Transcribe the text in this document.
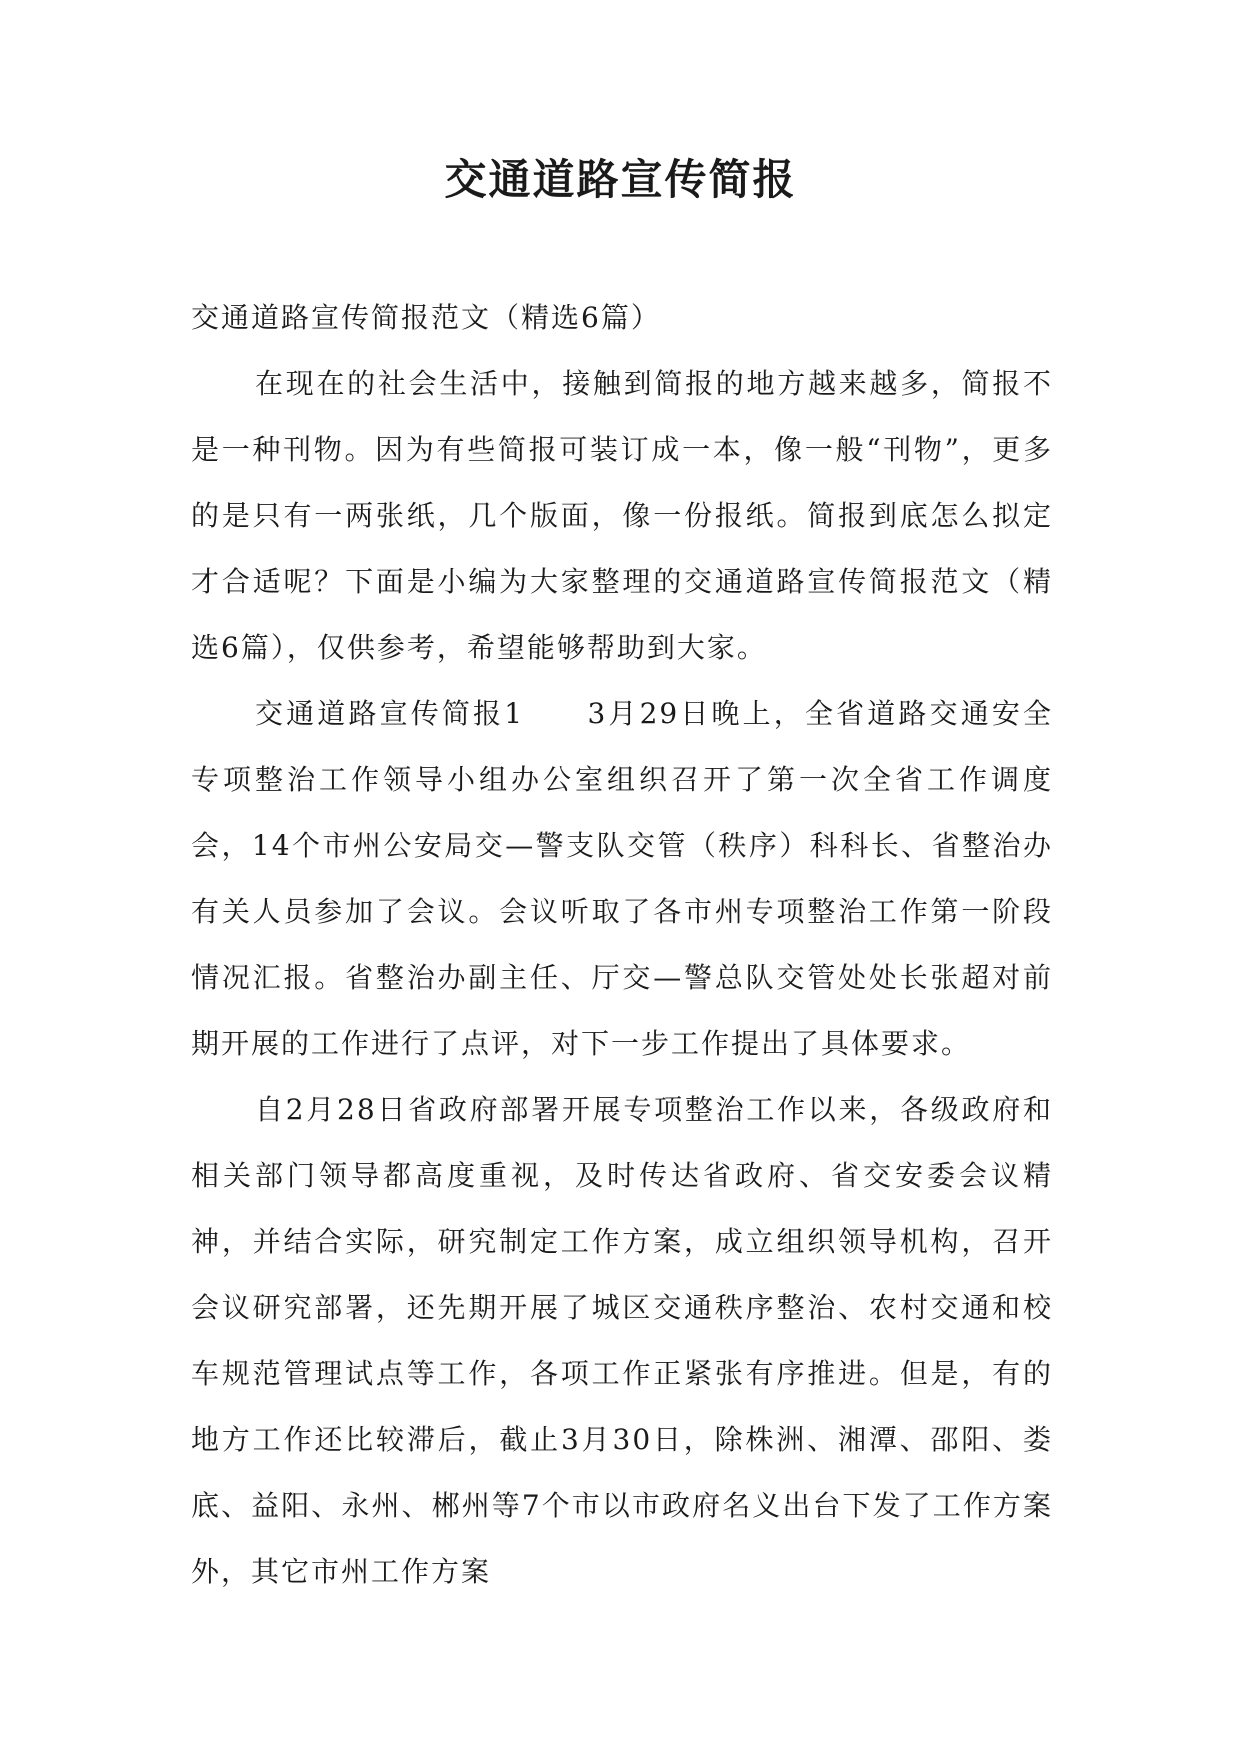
交通道路宣传简报

交通道路宣传简报范文（精选6篇）

在现在的社会生活中，接触到简报的地方越来越多，简报不是一种刊物。因为有些简报可装订成一本，像一般“刊物”，更多的是只有一两张纸，几个版面，像一份报纸。简报到底怎么拟定才合适呢？下面是小编为大家整理的交通道路宣传简报范文（精选6篇），仅供参考，希望能够帮助到大家。

交通道路宣传简报1　　3月29日晚上，全省道路交通安全专项整治工作领导小组办公室组织召开了第一次全省工作调度会，14个市州公安局交—警支队交管（秩序）科科长、省整治办有关人员参加了会议。会议听取了各市州专项整治工作第一阶段情况汇报。省整治办副主任、厅交—警总队交管处处长张超对前期开展的工作进行了点评，对下一步工作提出了具体要求。

自2月28日省政府部署开展专项整治工作以来，各级政府和相关部门领导都高度重视，及时传达省政府、省交安委会议精神，并结合实际，研究制定工作方案，成立组织领导机构，召开会议研究部署，还先期开展了城区交通秩序整治、农村交通和校车规范管理试点等工作，各项工作正紧张有序推进。但是，有的地方工作还比较滞后，截止3月30日，除株洲、湘潭、邵阳、娄底、益阳、永州、郴州等7个市以市政府名义出台下发了工作方案外，其它市州工作方案
